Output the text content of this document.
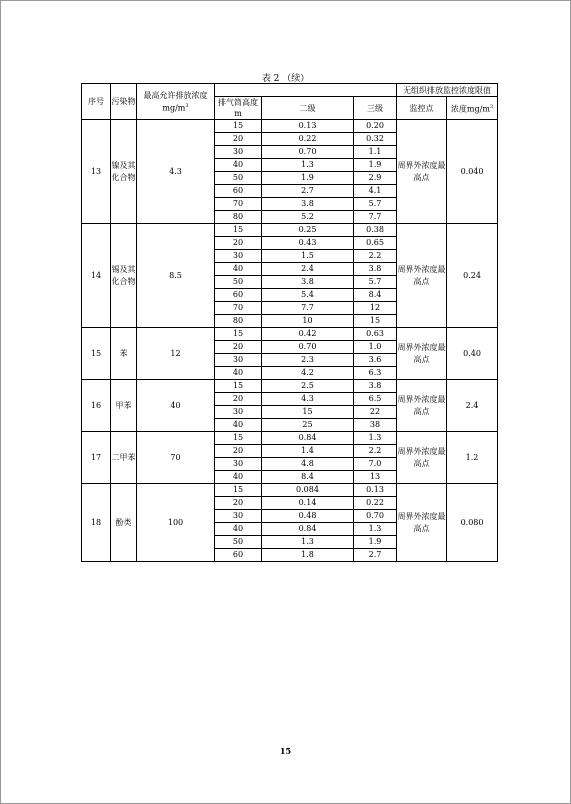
表 2 （续）
序号	污染物	最高允许排放浓度 $mg/m^3$				无组织排放监控浓度限值	
			排气筒高度 m	二级	三级	监控点	浓度$mg/m^3$
13	镍及其化合物	4.3	15	0.13	0.20	周界外浓度最高点	0.040
			20	0.22	0.32		
			30	0.70	1.1		
			40	1.3	1.9		
			50	1.9	2.9		
			60	2.7	4.1		
			70	3.8	5.7		
			80	5.2	7.7		
14	锡及其化合物	8.5	15	0.25	0.38	周界外浓度最高点	0.24
			20	0.43	0.65		
			30	1.5	2.2		
			40	2.4	3.8		
			50	3.8	5.7		
			60	5.4	8.4		
			70	7.7	12		
			80	10	15		
15	苯	12	15	0.42	0.63	周界外浓度最高点	0.40
			20	0.70	1.0		
			30	2.3	3.6		
			40	4.2	6.3		
16	甲苯	40	15	2.5	3.8	周界外浓度最高点	2.4
			20	4.3	6.5		
			30	15	22		
			40	25	38		
17	二甲苯	70	15	0.84	1.3	周界外浓度最高点	1.2
			20	1.4	2.2		
			30	4.8	7.0		
			40	8.4	13		
18	酚类	100	15	0.084	0.13	周界外浓度最高点	0.080
			20	0.14	0.22		
			30	0.48	0.70		
			40	0.84	1.3		
			50	1.3	1.9		
			60	1.8	2.7		
15
